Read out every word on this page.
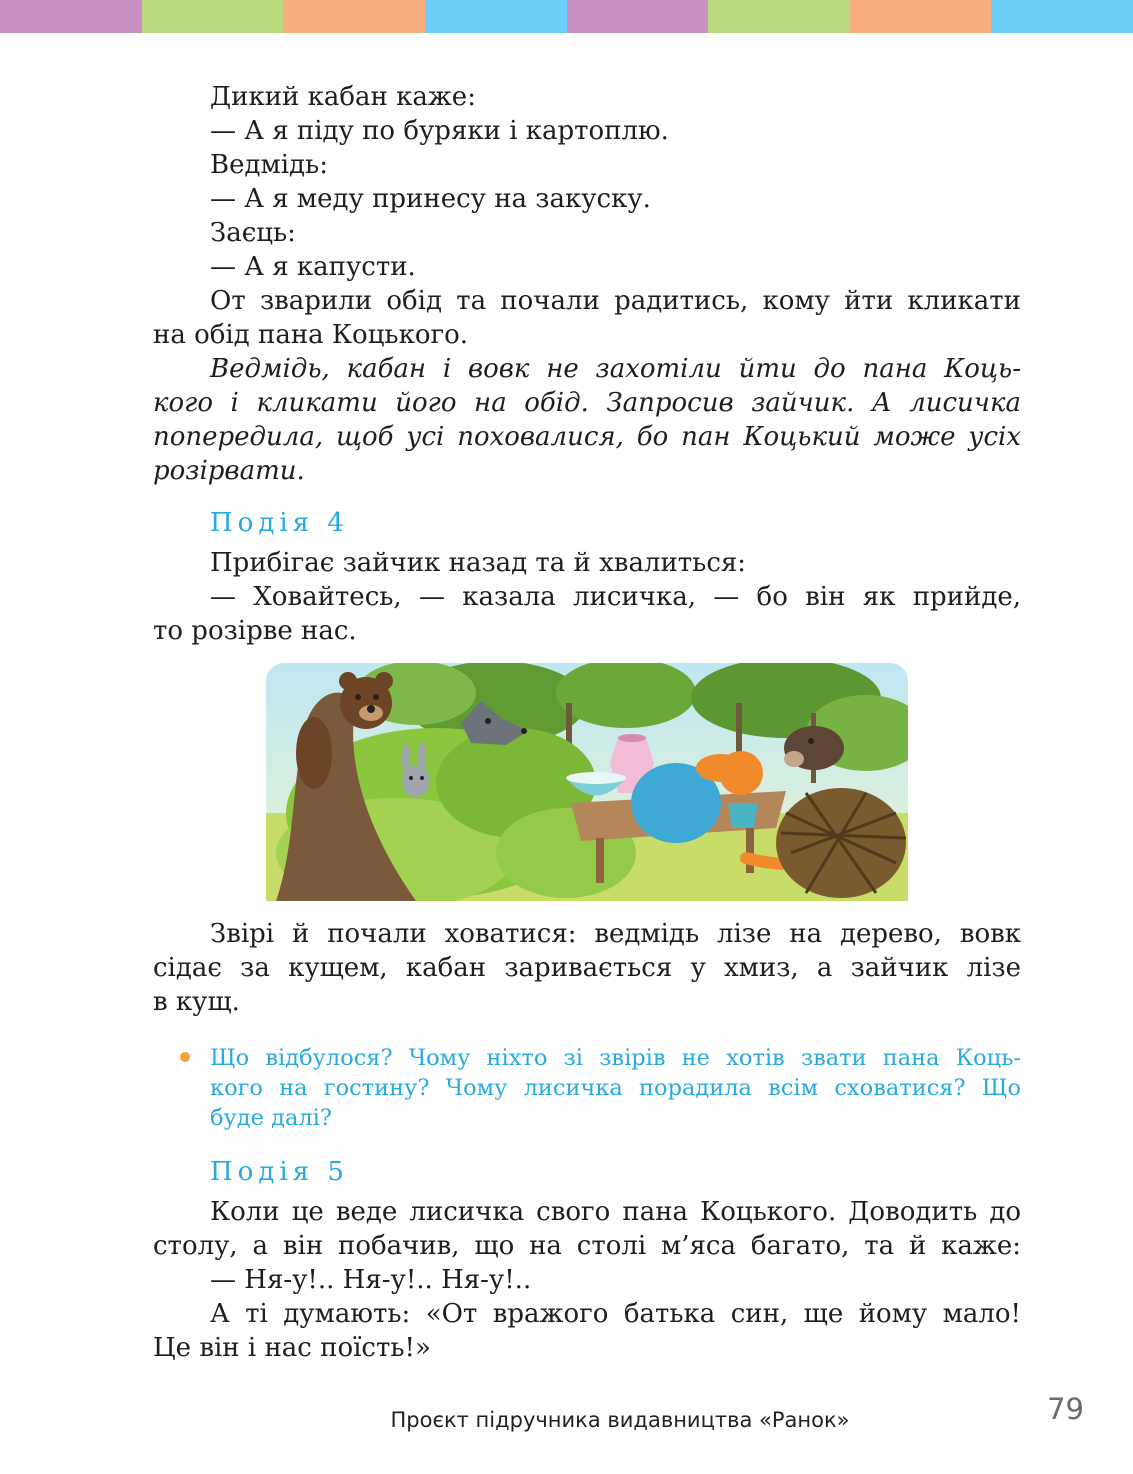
Дикий кабан каже:

— А я піду по буряки і картоплю.

Ведмідь:

— А я меду принесу на закуску.

Заєць:

— А я капусти.

От зварили обід та почали радитись, кому йти кликати

на обід пана Коцького.

Ведмідь, кабан і вовк не захотіли йти до пана Коць-

кого і кликати його на обід. Запросив зайчик. А лисичка

попередила, щоб усі поховалися, бо пан Коцький може усіх

розірвати.

Подія 4

Прибігає зайчик назад та й хвалиться:

— Ховайтесь, — казала лисичка, — бо він як прийде,

то розірве нас.

Звірі й почали ховатися: ведмідь лізе на дерево, вовк

сідає за кущем, кабан заривається у хмиз, а зайчик лізе

в кущ.

Що відбулося? Чому ніхто зі звірів не хотів звати пана Коць-

кого на гостину? Чому лисичка порадила всім сховатися? Що

буде далі?

Подія 5

Коли це веде лисичка свого пана Коцького. Доводить до

столу, а він побачив, що на столі м’яса багато, та й каже:

— Ня-у!.. Ня-у!.. Ня-у!..

А ті думають: «От вражого батька син, ще йому мало!

Це він і нас поїсть!»

Проєкт підручника видавництва «Ранок»	79
